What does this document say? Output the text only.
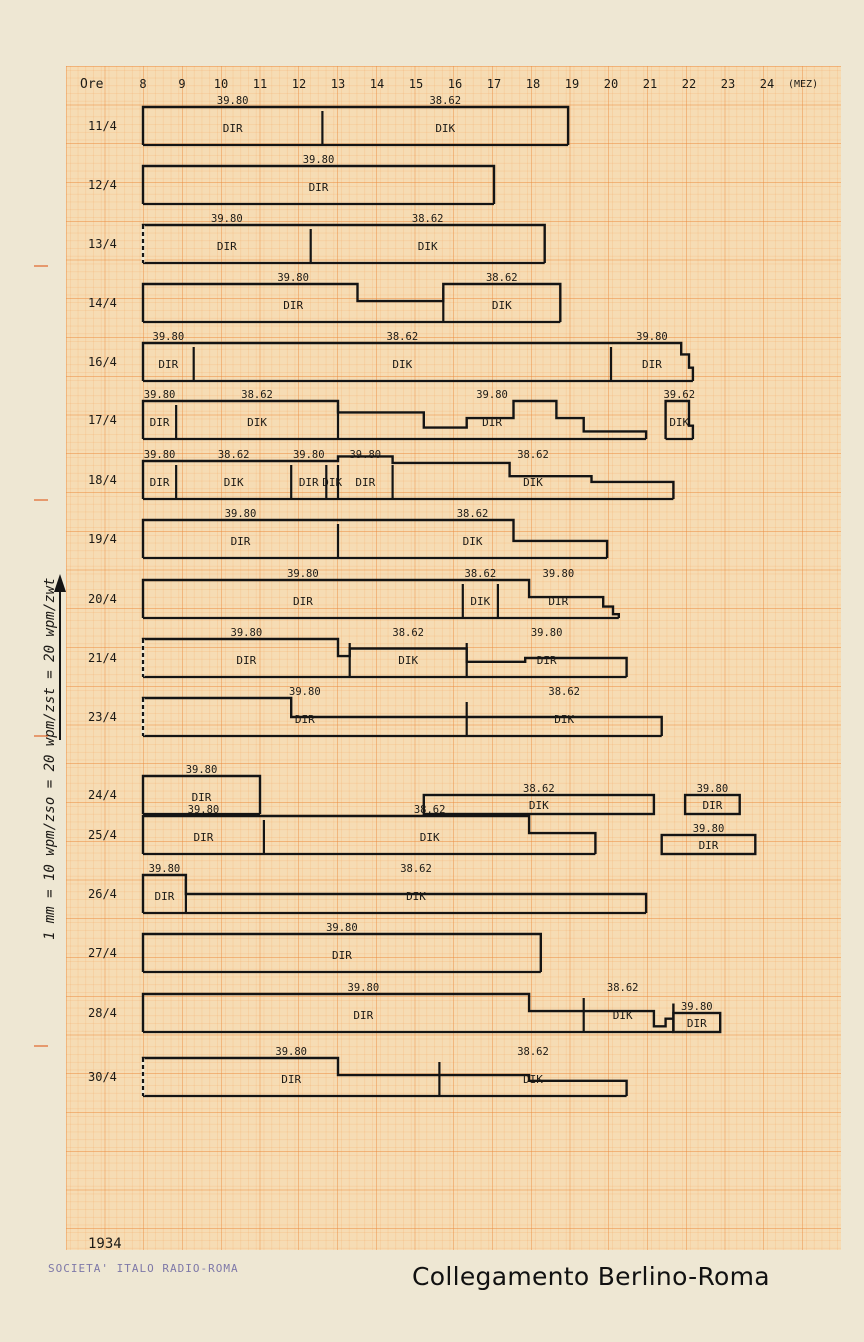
Ore	8	9 10 11 12 13 14 15 16 17 18 19 20 21 22 23 24 (MEZ)
11/4	DIR
39.80
DIK
38.62
12/4	DIR
39.80
13/4	DIR
39.80
DIK
38.62
14/4	DIR
39.80
DIK
38.62
16/4	DIR
39.80
DIK
38.62
DIR
39.80
17/4	DIR
39.80
DIK
38.62
DIR
39.80
DIK
39.62
18/4	DIR
39.80
DIK
38.62
DIR
39.80
DIK DIR
39.80
DIK
38.62
19/4	DIR
39.80
DIK
38.62
20/4	DIR
39.80
DIK
38.62
DIR
39.80
21/4	DIR
39.80
DIK
38.62
DIR
39.80
23/4	DIR
39.80
DIK
38.62
24/4	DIR
39.80
DIK
38.62
DIR
39.80
25/4	DIR
39.80
DIK
38.62
DIR
39.80
26/4	DIR
39.80
DIK
38.62
27/4	DIR
39.80
28/4	DIR
39.80
DIK
38.62
DIR
39.80
30/4	DIR
39.80
DIK
38.62
1 mm = 10 wpm/zso = 20 wpm/zst = 20 wpm/zwt
1934
SOCIETA' ITALO RADIO-ROMA	Collegamento Berlino-Roma
